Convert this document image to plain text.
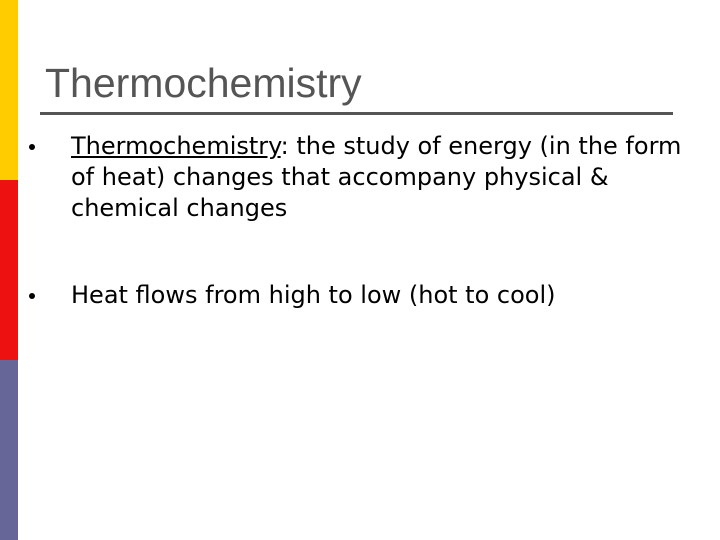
Thermochemistry
Thermochemistry: the study of energy (in the form of heat) changes that accompany physical & chemical changes
Heat flows from high to low (hot to cool)
